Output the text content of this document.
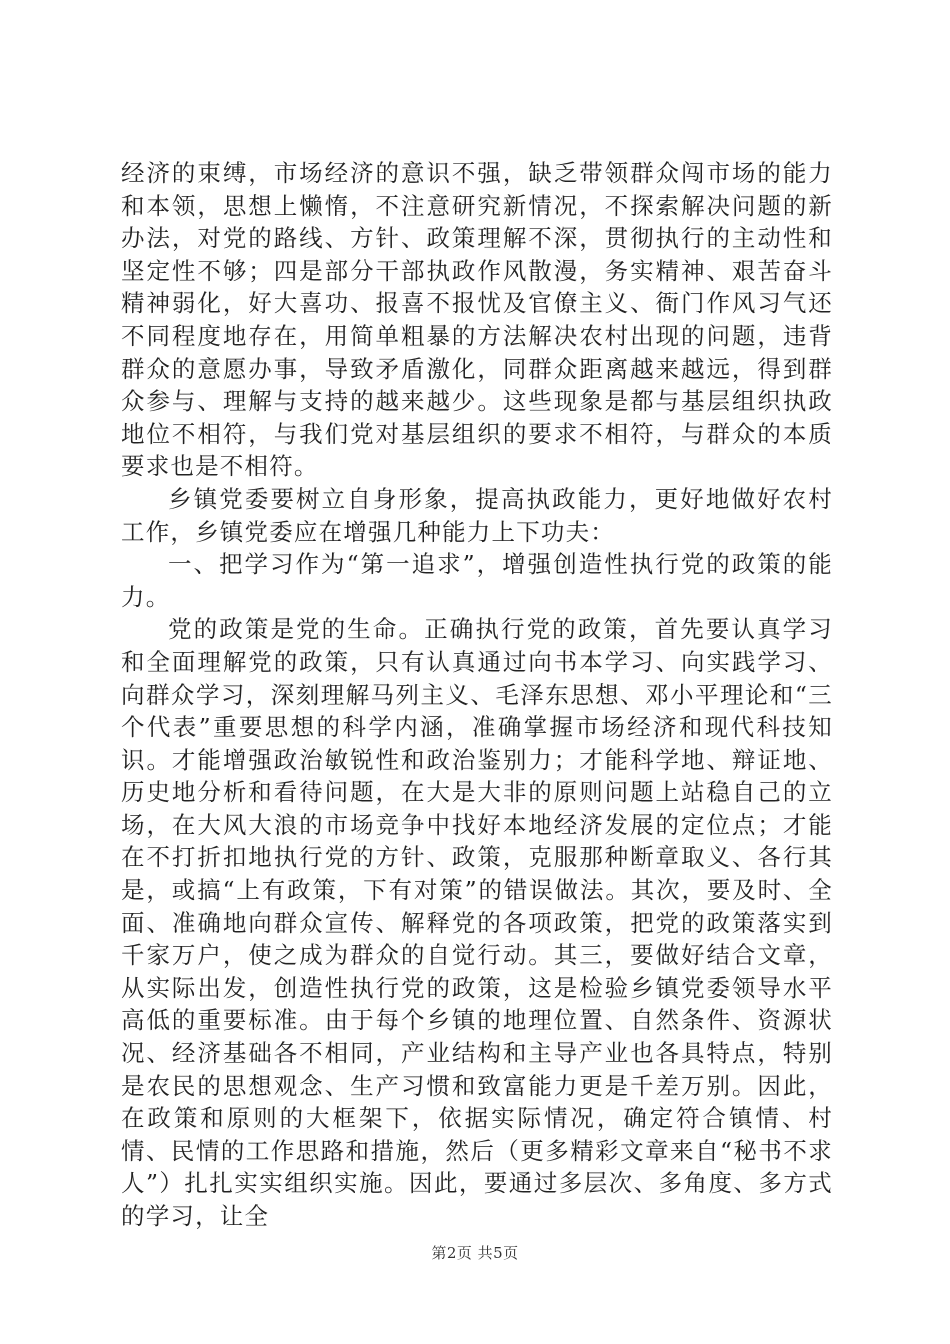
经济的束缚，市场经济的意识不强，缺乏带领群众闯市场的能力和本领，思想上懒惰，不注意研究新情况，不探索解决问题的新办法，对党的路线、方针、政策理解不深，贯彻执行的主动性和坚定性不够；四是部分干部执政作风散漫，务实精神、艰苦奋斗精神弱化，好大喜功、报喜不报忧及官僚主义、衙门作风习气还不同程度地存在，用简单粗暴的方法解决农村出现的问题，违背群众的意愿办事，导致矛盾激化，同群众距离越来越远，得到群众参与、理解与支持的越来越少。这些现象是都与基层组织执政地位不相符，与我们党对基层组织的要求不相符，与群众的本质要求也是不相符。

乡镇党委要树立自身形象，提高执政能力，更好地做好农村工作，乡镇党委应在增强几种能力上下功夫：

一、把学习作为“第一追求”，增强创造性执行党的政策的能力。

党的政策是党的生命。正确执行党的政策，首先要认真学习和全面理解党的政策，只有认真通过向书本学习、向实践学习、向群众学习，深刻理解马列主义、毛泽东思想、邓小平理论和“三个代表”重要思想的科学内涵，准确掌握市场经济和现代科技知识。才能增强政治敏锐性和政治鉴别力；才能科学地、辩证地、历史地分析和看待问题，在大是大非的原则问题上站稳自己的立场，在大风大浪的市场竞争中找好本地经济发展的定位点；才能在不打折扣地执行党的方针、政策，克服那种断章取义、各行其是，或搞“上有政策，下有对策”的错误做法。其次，要及时、全面、准确地向群众宣传、解释党的各项政策，把党的政策落实到千家万户，使之成为群众的自觉行动。其三，要做好结合文章，从实际出发，创造性执行党的政策，这是检验乡镇党委领导水平高低的重要标准。由于每个乡镇的地理位置、自然条件、资源状况、经济基础各不相同，产业结构和主导产业也各具特点，特别是农民的思想观念、生产习惯和致富能力更是千差万别。因此，在政策和原则的大框架下，依据实际情况，确定符合镇情、村情、民情的工作思路和措施，然后（更多精彩文章来自“秘书不求人”）扎扎实实组织实施。因此，要通过多层次、多角度、多方式的学习，让全

第2页 共5页
